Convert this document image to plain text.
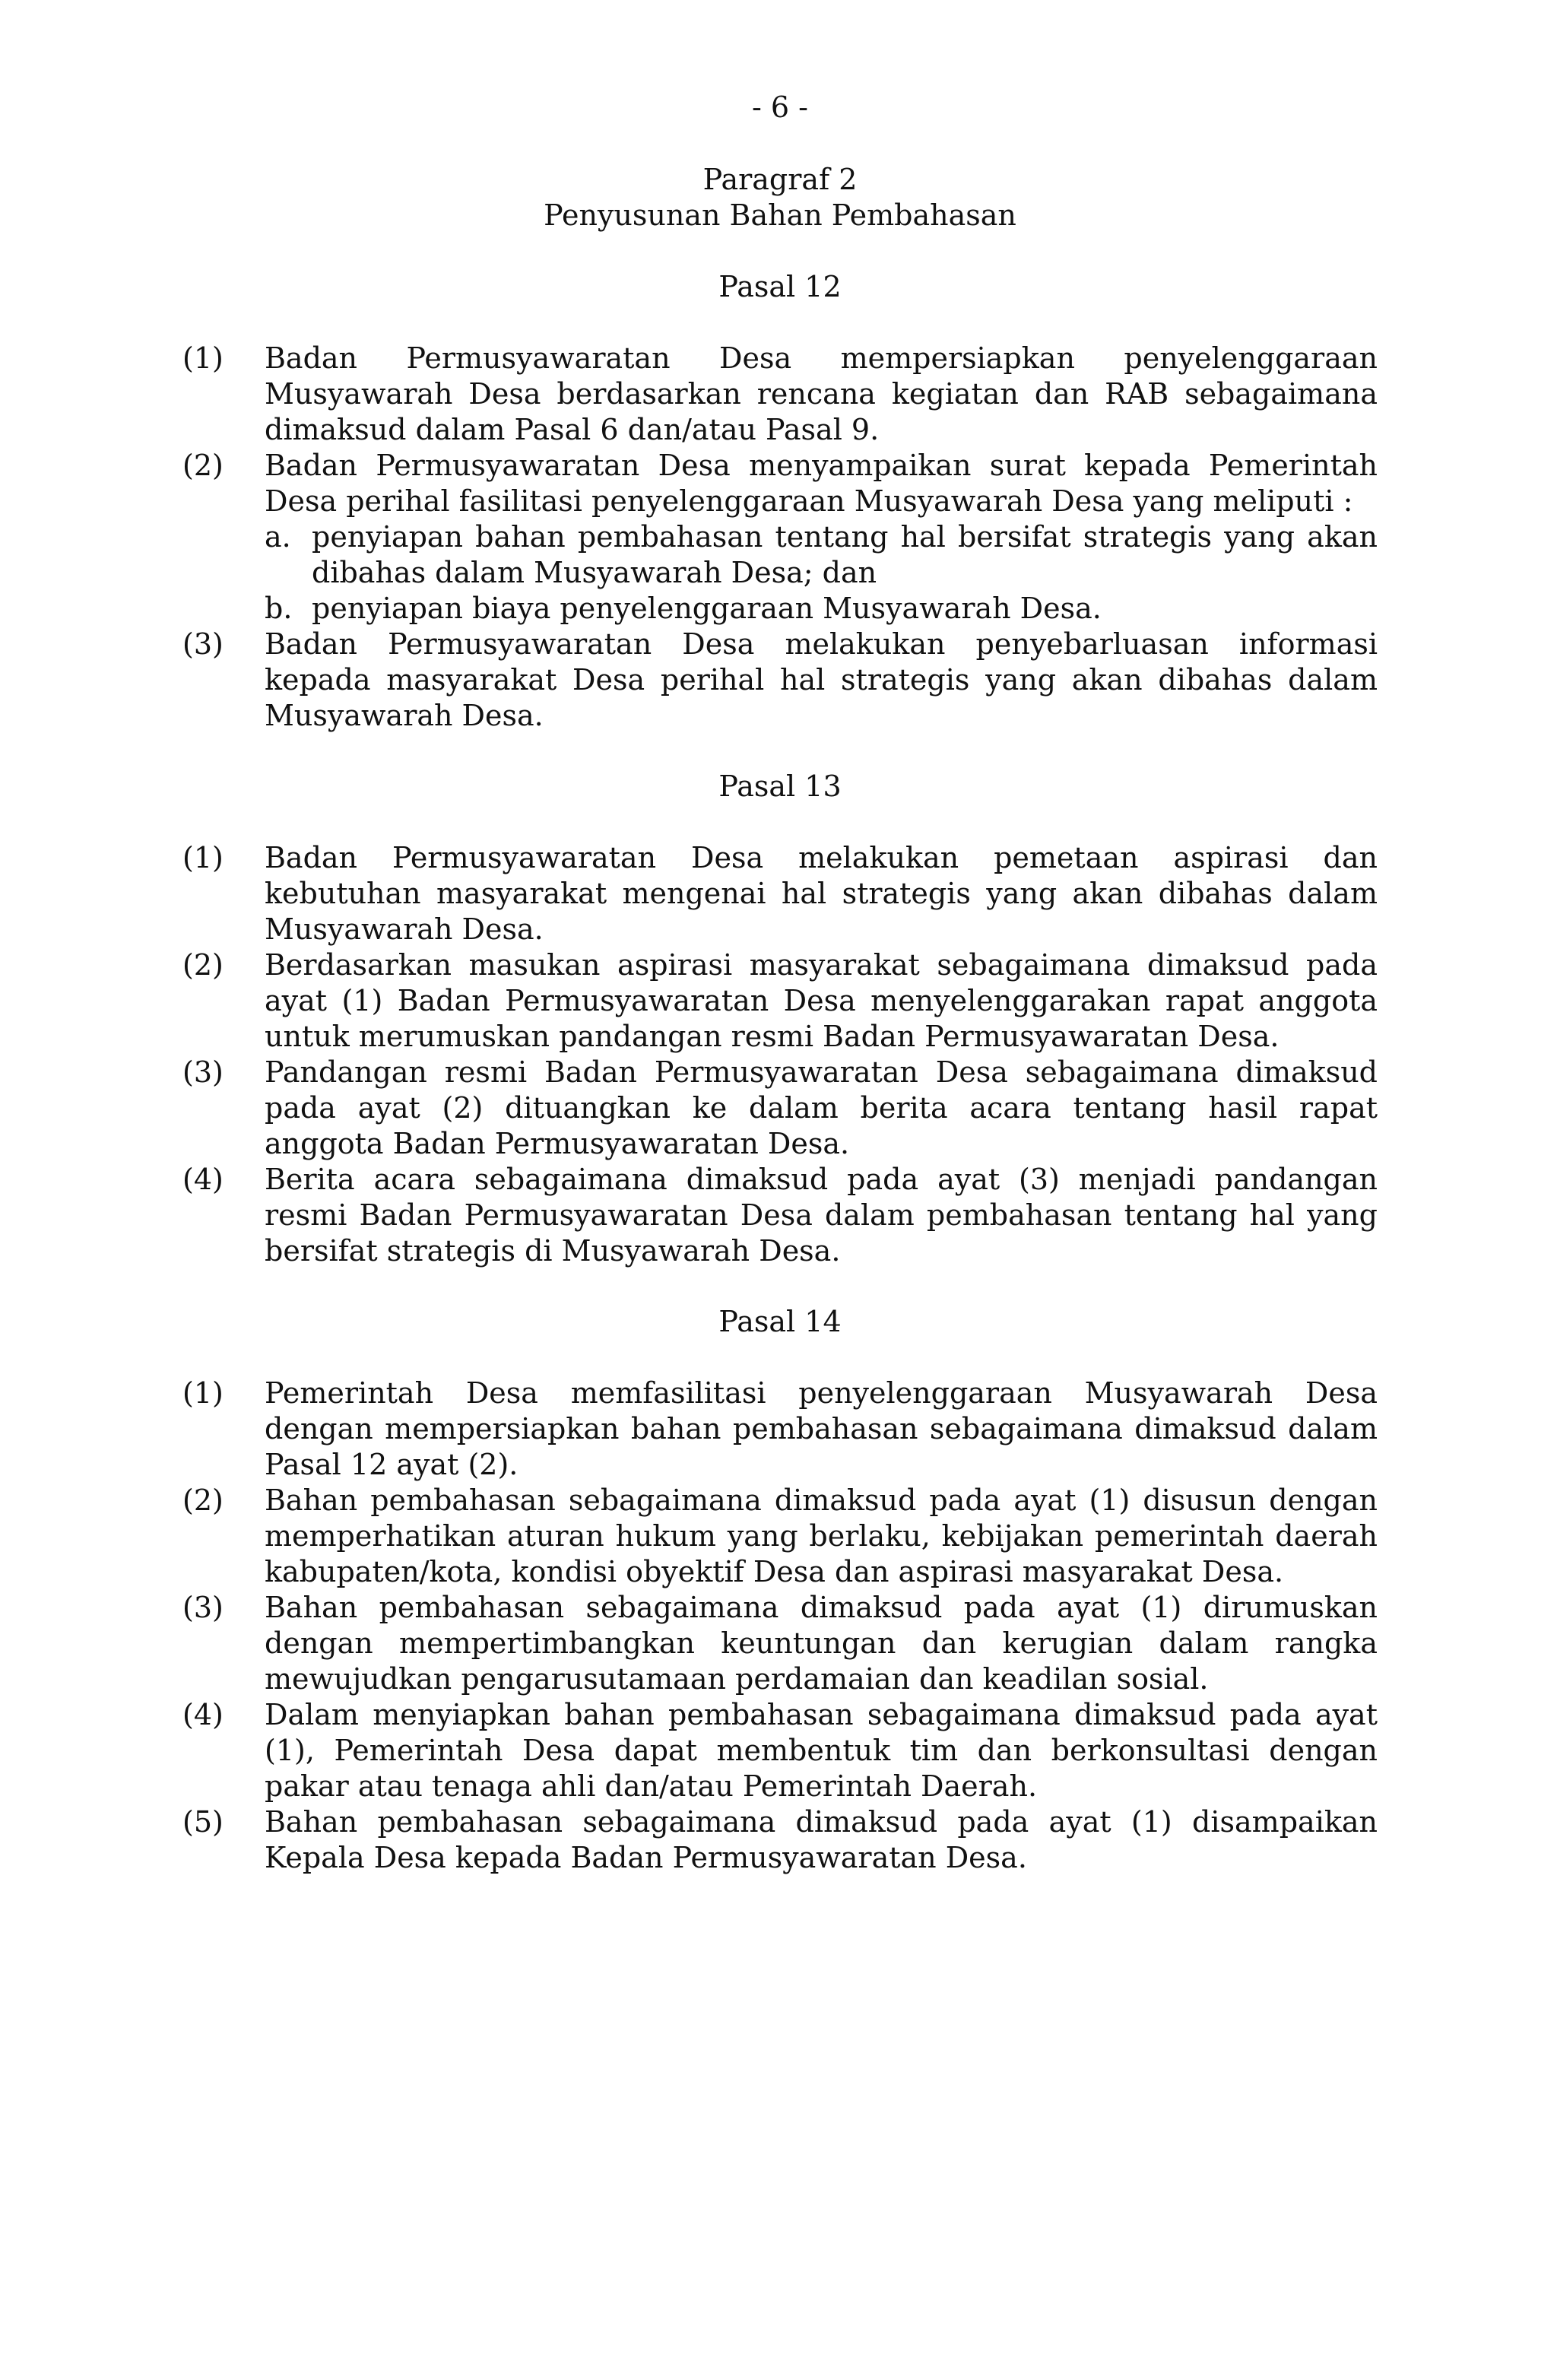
- 6 -
Paragraf 2
Penyusunan Bahan Pembahasan
Pasal 12
(1)	Badan Permusyawaratan Desa mempersiapkan penyelenggaraan Musyawarah Desa berdasarkan rencana kegiatan dan RAB sebagaimana dimaksud dalam Pasal 6 dan/atau Pasal 9.
(2)	Badan Permusyawaratan Desa menyampaikan surat kepada Pemerintah Desa perihal fasilitasi penyelenggaraan Musyawarah Desa yang meliputi :
a. penyiapan bahan pembahasan tentang hal bersifat strategis yang akan dibahas dalam Musyawarah Desa; dan
b. penyiapan biaya penyelenggaraan Musyawarah Desa.
(3)	Badan Permusyawaratan Desa melakukan penyebarluasan informasi kepada masyarakat Desa perihal hal strategis yang akan dibahas dalam Musyawarah Desa.
Pasal 13
(1)	Badan Permusyawaratan Desa melakukan pemetaan aspirasi dan kebutuhan masyarakat mengenai hal strategis yang akan dibahas dalam Musyawarah Desa.
(2)	Berdasarkan masukan aspirasi masyarakat sebagaimana dimaksud pada ayat (1) Badan Permusyawaratan Desa menyelenggarakan rapat anggota untuk merumuskan pandangan resmi Badan Permusyawaratan Desa.
(3)	Pandangan resmi Badan Permusyawaratan Desa sebagaimana dimaksud pada ayat (2) dituangkan ke dalam berita acara tentang hasil rapat anggota Badan Permusyawaratan Desa.
(4)	Berita acara sebagaimana dimaksud pada ayat (3) menjadi pandangan resmi Badan Permusyawaratan Desa dalam pembahasan tentang hal yang bersifat strategis di Musyawarah Desa.
Pasal 14
(1)	Pemerintah Desa memfasilitasi penyelenggaraan Musyawarah Desa dengan mempersiapkan bahan pembahasan sebagaimana dimaksud dalam Pasal 12 ayat (2).
(2)	Bahan pembahasan sebagaimana dimaksud pada ayat (1) disusun dengan memperhatikan aturan hukum yang berlaku, kebijakan pemerintah daerah kabupaten/kota, kondisi obyektif Desa dan aspirasi masyarakat Desa.
(3)	Bahan pembahasan sebagaimana dimaksud pada ayat (1) dirumuskan dengan mempertimbangkan keuntungan dan kerugian dalam rangka mewujudkan pengarusutamaan perdamaian dan keadilan sosial.
(4)	Dalam menyiapkan bahan pembahasan sebagaimana dimaksud pada ayat (1), Pemerintah Desa dapat membentuk tim dan berkonsultasi dengan pakar atau tenaga ahli dan/atau Pemerintah Daerah.
(5)	Bahan pembahasan sebagaimana dimaksud pada ayat (1) disampaikan Kepala Desa kepada Badan Permusyawaratan Desa.
